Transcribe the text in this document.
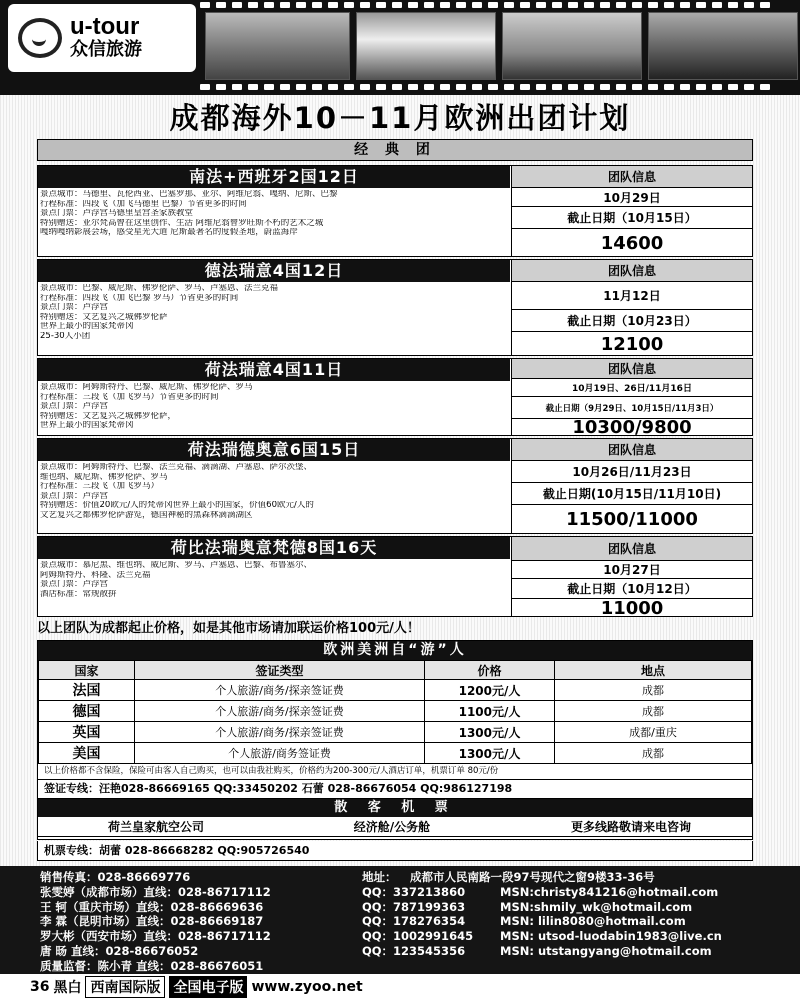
u-tour
众信旅游
成都海外10－11月欧洲出团计划
经 典 团
南法+西班牙2国12日
景点城市：马德里、瓦伦西亚、巴塞罗那、亚尔、阿维尼翁、嘎纳、尼斯、巴黎
行程标准：四段飞（加飞马德里 巴黎）节省更多的时间
景点门票：卢浮宫马德里皇宫圣家族教堂
特别赠送：亚尔梵高曾在这里创作、生活 阿维尼翁曾罗旺斯不朽的艺术之城
嘎纳嘎纳影展会场，感受星光大道 尼斯最著名的度假圣地，蔚蓝海岸
团队信息
10月29日
截止日期（10月15日）
14600
德法瑞意4国12日
景点城市：巴黎、威尼斯、佛罗伦萨、罗马、卢塞恩、法兰克福
行程标准：四段飞（加飞巴黎 罗马）节省更多的时间
景点门票：卢浮宫
特别赠送：文艺复兴之城佛罗伦萨
世界上最小的国家梵蒂冈
25-30人小团
团队信息
11月12日
截止日期（10月23日）
12100
荷法瑞意4国11日
景点城市：阿姆斯特丹、巴黎、威尼斯、佛罗伦萨、罗马
行程标准：三段飞（加飞罗马）节省更多的时间
景点门票：卢浮宫
特别赠送：文艺复兴之城佛罗伦萨，
世界上最小的国家梵蒂冈
团队信息
10月19日、26日/11月16日
截止日期（9月29日、10月15日/11月3日）
10300/9800
荷法瑞德奥意6国15日
景点城市：阿姆斯特丹、巴黎、法兰克福、滴滴湖、卢塞恩、萨尔茨堡、
维也纳、威尼斯、佛罗伦萨、罗马
行程标准：三段飞（加飞罗马）
景点门票：卢浮宫
特别赠送：价值20欧元/人的梵蒂冈世界上最小的国家，价值60欧元/人的
文艺复兴之都佛罗伦萨游览，德国神秘的黑森林滴滴湖区
团队信息
10月26日/11月23日
截止日期(10月15日/11月10日)
11500/11000
荷比法瑞奥意梵德8国16天
景点城市：慕尼黑、维也纳、威尼斯、罗马、卢塞恩、巴黎、布鲁塞尔、
阿姆斯特丹、科隆、法兰克福
景点门票：卢浮宫
酒店标准：常规散拼
团队信息
10月27日
截止日期（10月12日）
11000
以上团队为成都起止价格，如是其他市场请加联运价格100元/人！
欧洲美洲自“游”人
国家	签证类型	价格	地点
法国	个人旅游/商务/探亲签证费	1200元/人	成都
德国	个人旅游/商务/探亲签证费	1100元/人	成都
英国	个人旅游/商务/探亲签证费	1300元/人	成都/重庆
美国	个人旅游/商务签证费	1300元/人	成都
以上价格都不含保险，保险可由客人自己购买，也可以由我社购买，价格约为200-300元/人酒店订单，机票订单 80元/份
签证专线：汪艳028-86669165 QQ:33450202 石蕾 028-86676054 QQ:986127198
散 客 机 票
荷兰皇家航空公司	经济舱/公务舱	更多线路敬请来电咨询
机票专线：胡蕾 028-86668282 QQ:905726540
销售传真：028-86669776	地址：	成都市人民南路一段97号现代之窗9楼33-36号
张雯婷（成都市场）直线：028-86717112	QQ：337213860	MSN:christy841216@hotmail.com
王 轲（重庆市场）直线：028-86669636	QQ：787199363	MSN:shmily_wk@hotmail.com
李 霖（昆明市场）直线：028-86669187	QQ：178276354	MSN: lilin8080@hotmail.com
罗大彬（西安市场）直线：028-86717112	QQ：1002991645	MSN: utsod-luodabin1983@live.cn
唐 旸 直线：028-86676052	QQ：123545356	MSN: utstangyang@hotmail.com
质量监督：陈小青 直线：028-86676051
36 黑白 西南国际版 全国电子版 www.zyoo.net
